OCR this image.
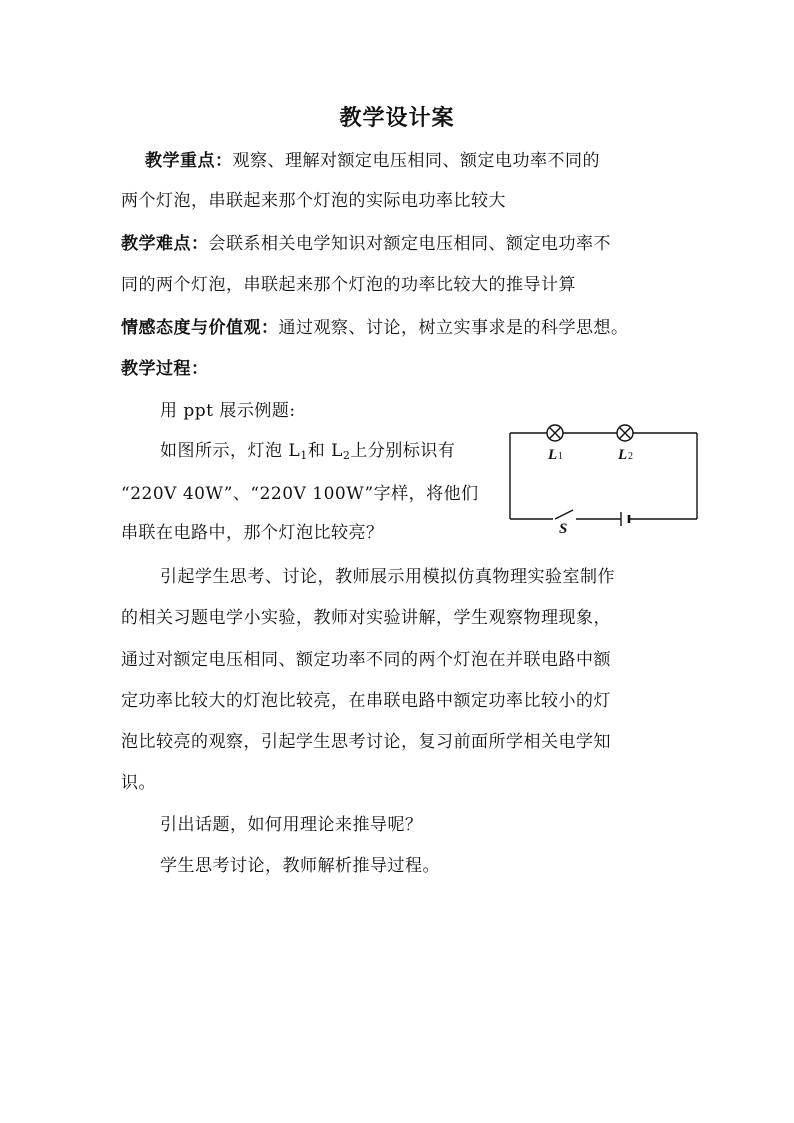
教学设计案
教学重点：观察、理解对额定电压相同、额定电功率不同的
两个灯泡，串联起来那个灯泡的实际电功率比较大
教学难点：会联系相关电学知识对额定电压相同、额定电功率不
同的两个灯泡，串联起来那个灯泡的功率比较大的推导计算
情感态度与价值观：通过观察、讨论，树立实事求是的科学思想。
教学过程：
用 ppt 展示例题:
如图所示，灯泡 $L_1$和 $L_2$上分别标识有
“220V 40W”、“220V 100W”字样，将他们
串联在电路中，那个灯泡比较亮？
L 1	L 2
S
引起学生思考、讨论，教师展示用模拟仿真物理实验室制作
的相关习题电学小实验，教师对实验讲解，学生观察物理现象，
通过对额定电压相同、额定功率不同的两个灯泡在并联电路中额
定功率比较大的灯泡比较亮，在串联电路中额定功率比较小的灯
泡比较亮的观察，引起学生思考讨论，复习前面所学相关电学知
识。
引出话题，如何用理论来推导呢？
学生思考讨论，教师解析推导过程。
